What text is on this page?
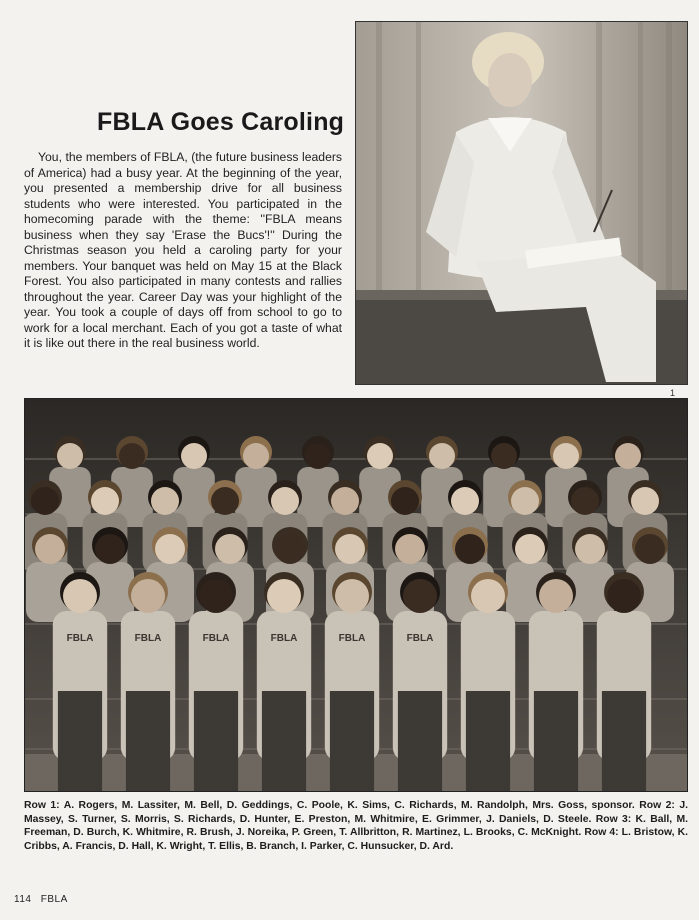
FBLA Goes Caroling

You, the members of FBLA, (the future business leaders of America) had a busy year. At the beginning of the year, you presented a membership drive for all business students who were interested. You participated in the homecoming parade with the theme: ''FBLA means business when they say 'Erase the Bucs'!'' During the Christmas season you held a caroling party for your members. Your banquet was held on May 15 at the Black Forest. You also participated in many contests and rallies throughout the year. Career Day was your highlight of the year. You took a couple of days off from school to go to work for a local merchant. Each of you got a taste of what it is like out there in the real business world.

1
FBLA	FBLA	FBLA	FBLA	FBLA	FBLA

Row 1: A. Rogers, M. Lassiter, M. Bell, D. Geddings, C. Poole, K. Sims, C. Richards, M. Randolph, Mrs. Goss, sponsor. Row 2: J. Massey, S. Turner, S. Morris, S. Richards, D. Hunter, E. Preston, M. Whitmire, E. Grimmer, J. Daniels, D. Steele. Row 3: K. Ball, M. Freeman, D. Burch, K. Whitmire, R. Brush, J. Noreika, P. Green, T. Allbritton, R. Martinez, L. Brooks, C. McKnight. Row 4: L. Bristow, K. Cribbs, A. Francis, D. Hall, K. Wright, T. Ellis, B. Branch, I. Parker, C. Hunsucker, D. Ard.

114 FBLA
